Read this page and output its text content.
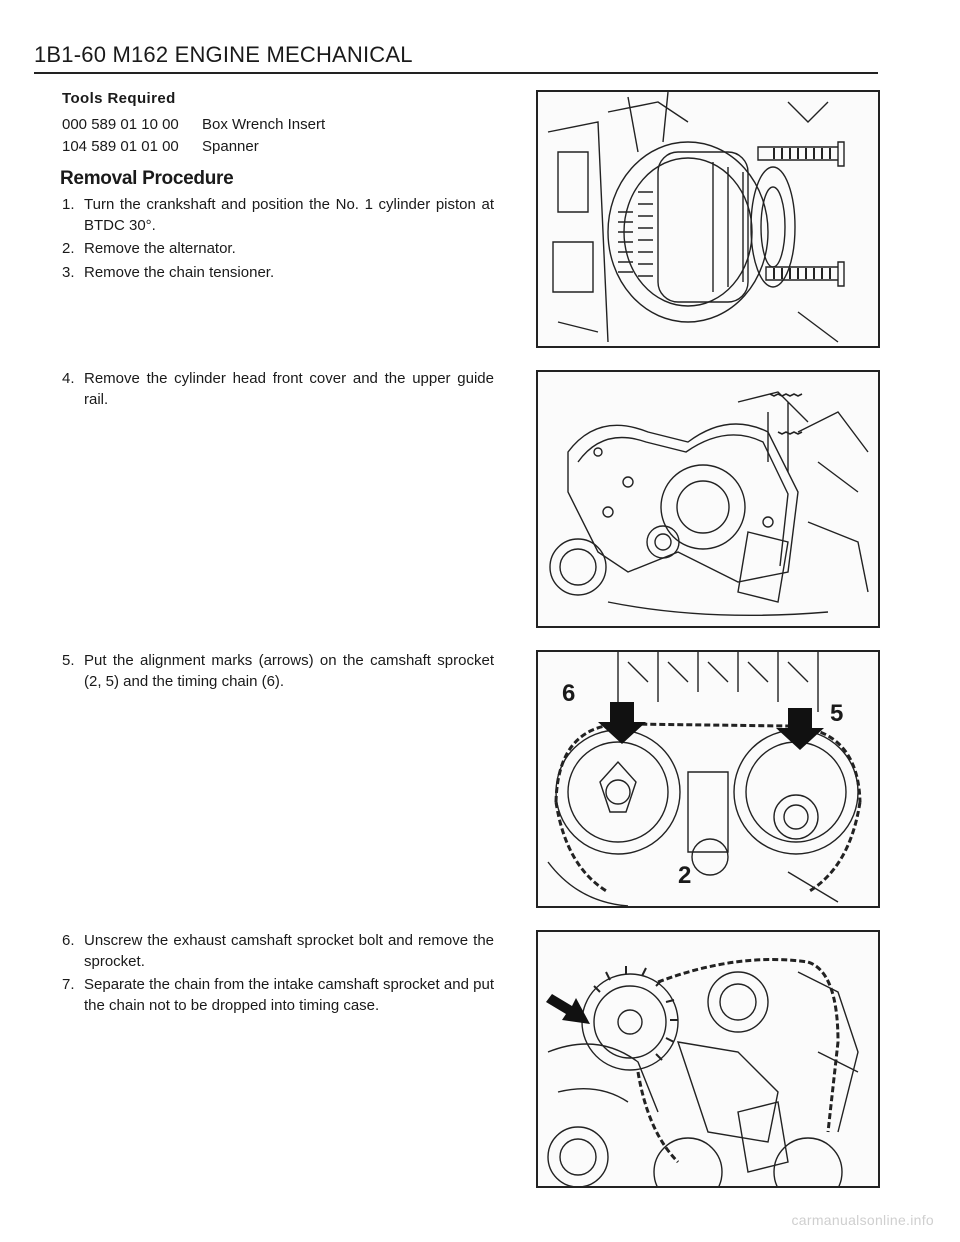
1B1-60 M162 ENGINE MECHANICAL
Tools Required
000 589 01 10 00 Box Wrench Insert
104 589 01 01 00 Spanner
Removal Procedure
1. Turn the crankshaft and position the No. 1 cylinder piston at BTDC 30°.
2. Remove the alternator.
3. Remove the chain tensioner.
4. Remove the cylinder head front cover and the upper guide rail.
5. Put the alignment marks (arrows) on the camshaft sprocket (2, 5) and the timing chain (6).
6. Unscrew the exhaust camshaft sprocket bolt and remove the sprocket.
7. Separate the chain from the intake camshaft sprocket and put the chain not to be dropped into timing case.
6
5
2
carmanualsonline.info
